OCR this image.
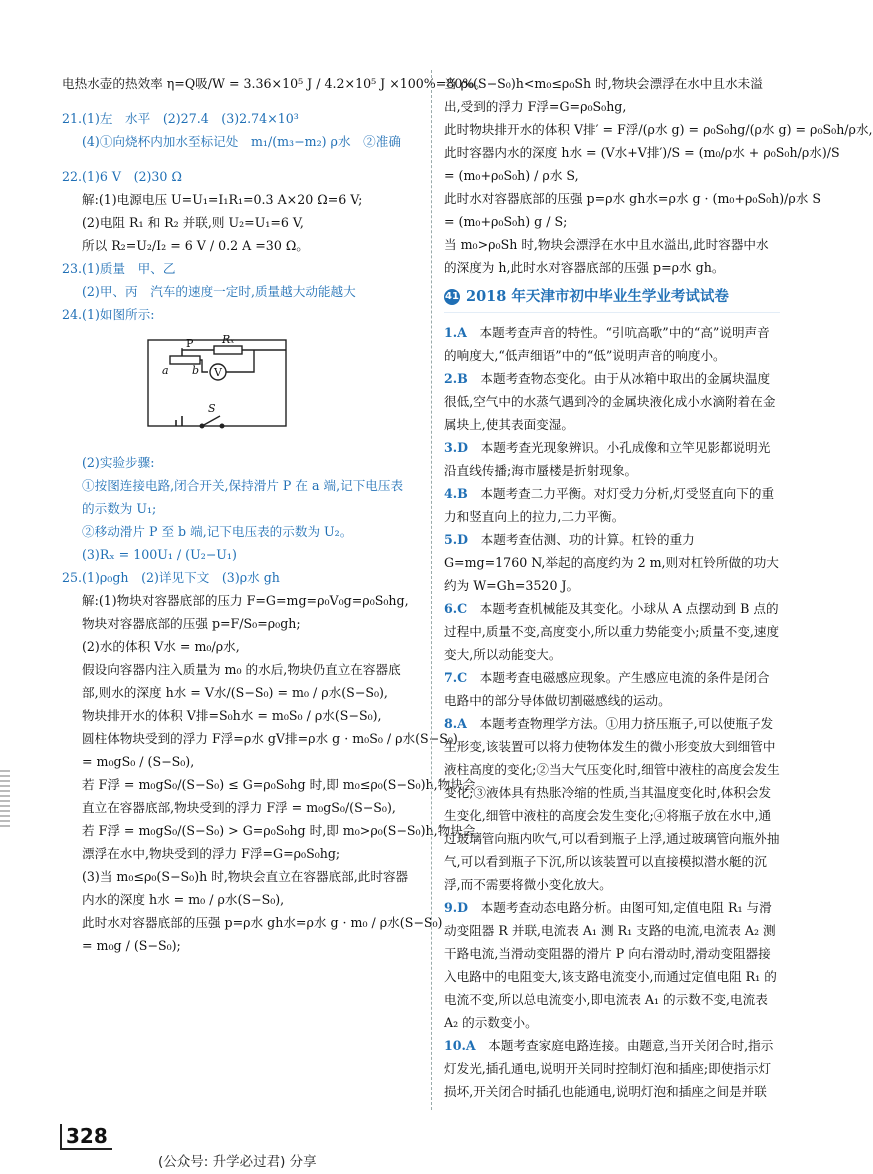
电热水壶的热效率 η=Q吸/W = 3.36×10⁵ J / 4.2×10⁵ J ×100%=80%。
21.(1)左　水平　(2)27.4　(3)2.74×10³
(4)①向烧杯内加水至标记处　m₁/(m₃−m₂) ρ水　②准确
22.(1)6 V　(2)30 Ω
解:(1)电源电压 U=U₁=I₁R₁=0.3 A×20 Ω=6 V;
(2)电阻 R₁ 和 R₂ 并联,则 U₂=U₁=6 V,
所以 R₂=U₂/I₂ = 6 V / 0.2 A =30 Ω。
23.(1)质量　甲、乙
(2)甲、丙　汽车的速度一定时,质量越大动能越大
24.(1)如图所示:
P	Rₓ
a b V
S
(2)实验步骤:
①按图连接电路,闭合开关,保持滑片 P 在 a 端,记下电压表
的示数为 U₁;
②移动滑片 P 至 b 端,记下电压表的示数为 U₂。
(3)Rₓ = 100U₁ / (U₂−U₁)
25.(1)ρ₀gh　(2)详见下文　(3)ρ水 gh
解:(1)物块对容器底部的压力 F=G=mg=ρ₀V₀g=ρ₀S₀hg,
物块对容器底部的压强 p=F/S₀=ρ₀gh;
(2)水的体积 V水 = m₀/ρ水,
假设向容器内注入质量为 m₀ 的水后,物块仍直立在容器底
部,则水的深度 h水 = V水/(S−S₀) = m₀ / ρ水(S−S₀),
物块排开水的体积 V排=S₀h水 = m₀S₀ / ρ水(S−S₀),
圆柱体物块受到的浮力 F浮=ρ水 gV排=ρ水 g · m₀S₀ / ρ水(S−S₀)
= m₀gS₀ / (S−S₀),
若 F浮 = m₀gS₀/(S−S₀) ≤ G=ρ₀S₀hg 时,即 m₀≤ρ₀(S−S₀)h,物块会
直立在容器底部,物块受到的浮力 F浮 = m₀gS₀/(S−S₀),
若 F浮 = m₀gS₀/(S−S₀) > G=ρ₀S₀hg 时,即 m₀>ρ₀(S−S₀)h,物块会
漂浮在水中,物块受到的浮力 F浮=G=ρ₀S₀hg;
(3)当 m₀≤ρ₀(S−S₀)h 时,物块会直立在容器底部,此时容器
内水的深度 h水 = m₀ / ρ水(S−S₀),
此时水对容器底部的压强 p=ρ水 gh水=ρ水 g · m₀ / ρ水(S−S₀)
= m₀g / (S−S₀);
当 ρ₀(S−S₀)h<m₀≤ρ₀Sh 时,物块会漂浮在水中且水未溢
出,受到的浮力 F浮=G=ρ₀S₀hg,
此时物块排开水的体积 V排′ = F浮/(ρ水 g) = ρ₀S₀hg/(ρ水 g) = ρ₀S₀h/ρ水,
此时容器内水的深度 h水 = (V水+V排′)/S = (m₀/ρ水 + ρ₀S₀h/ρ水)/S
= (m₀+ρ₀S₀h) / ρ水 S,
此时水对容器底部的压强 p=ρ水 gh水=ρ水 g · (m₀+ρ₀S₀h)/ρ水 S
= (m₀+ρ₀S₀h) g / S;
当 m₀>ρ₀Sh 时,物块会漂浮在水中且水溢出,此时容器中水
的深度为 h,此时水对容器底部的压强 p=ρ水 gh。
41 2018 年天津市初中毕业生学业考试试卷
1.A　 本题考查声音的特性。“引吭高歌”中的“高”说明声音的响度大,“低声细语”中的“低”说明声音的响度小。
2.B　 本题考查物态变化。由于从冰箱中取出的金属块温度很低,空气中的水蒸气遇到冷的金属块液化成小水滴附着在金属块上,使其表面变湿。
3.D　 本题考查光现象辨识。小孔成像和立竿见影都说明光沿直线传播;海市蜃楼是折射现象。
4.B　 本题考查二力平衡。对灯受力分析,灯受竖直向下的重力和竖直向上的拉力,二力平衡。
5.D　 本题考查估测、功的计算。杠铃的重力 G=mg=1760 N,举起的高度约为 2 m,则对杠铃所做的功大约为 W=Gh=3520 J。
6.C　 本题考查机械能及其变化。小球从 A 点摆动到 B 点的过程中,质量不变,高度变小,所以重力势能变小;质量不变,速度变大,所以动能变大。
7.C　 本题考查电磁感应现象。产生感应电流的条件是闭合电路中的部分导体做切割磁感线的运动。
8.A　 本题考查物理学方法。①用力挤压瓶子,可以使瓶子发生形变,该装置可以将力使物体发生的微小形变放大到细管中液柱高度的变化;②当大气压变化时,细管中液柱的高度会发生变化;③液体具有热胀冷缩的性质,当其温度变化时,体积会发生变化,细管中液柱的高度会发生变化;④将瓶子放在水中,通过玻璃管向瓶内吹气,可以看到瓶子上浮,通过玻璃管向瓶外抽气,可以看到瓶子下沉,所以该装置可以直接模拟潜水艇的沉浮,而不需要将微小变化放大。
9.D　 本题考查动态电路分析。由图可知,定值电阻 R₁ 与滑动变阻器 R 并联,电流表 A₁ 测 R₁ 支路的电流,电流表 A₂ 测干路电流,当滑动变阻器的滑片 P 向右滑动时,滑动变阻器接入电路中的电阻变大,该支路电流变小,而通过定值电阻 R₁ 的电流不变,所以总电流变小,即电流表 A₁ 的示数不变,电流表 A₂ 的示数变小。
10.A　 本题考查家庭电路连接。由题意,当开关闭合时,指示灯发光,插孔通电,说明开关同时控制灯泡和插座;即使指示灯损坏,开关闭合时插孔也能通电,说明灯泡和插座之间是并联
328
(公众号: 升学必过君) 分享
